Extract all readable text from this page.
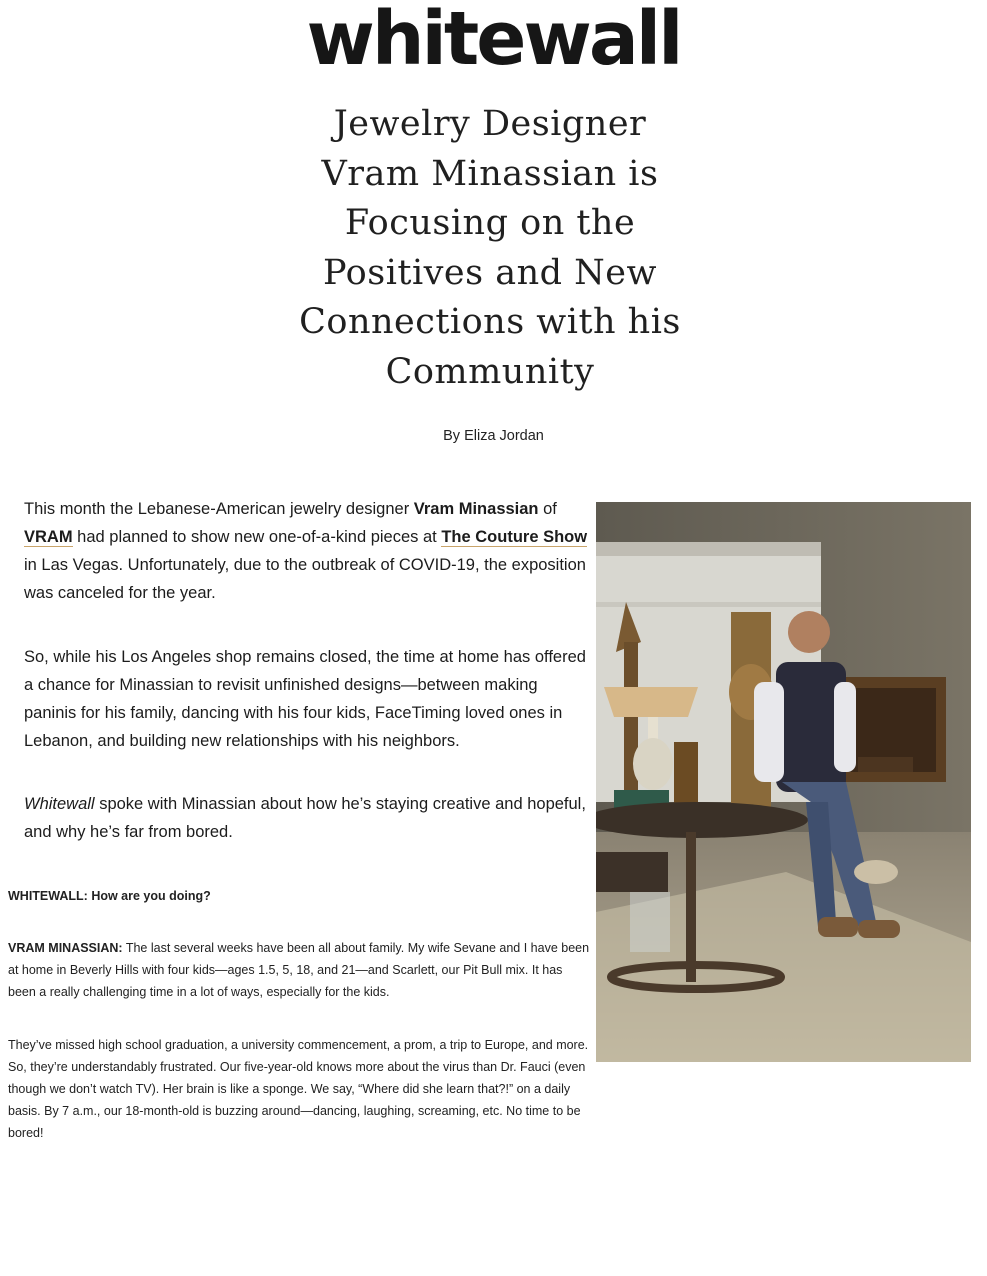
whitewall
Jewelry Designer Vram Minassian is Focusing on the Positives and New Connections with his Community
By Eliza Jordan

This month the Lebanese-American jewelry designer Vram Minassian of VRAM had planned to show new one-of-a-kind pieces at The Couture Show in Las Vegas. Unfortunately, due to the outbreak of COVID-19, the exposition was canceled for the year.

So, while his Los Angeles shop remains closed, the time at home has offered a chance for Minassian to revisit unfinished designs—between making paninis for his family, dancing with his four kids, FaceTiming loved ones in Lebanon, and building new relationships with his neighbors.

Whitewall spoke with Minassian about how he’s staying creative and hopeful, and why he’s far from bored.

WHITEWALL: How are you doing?

VRAM MINASSIAN: The last several weeks have been all about family. My wife Sevane and I have been at home in Beverly Hills with four kids—ages 1.5, 5, 18, and 21—and Scarlett, our Pit Bull mix. It has been a really challenging time in a lot of ways, especially for the kids.

They’ve missed high school graduation, a university commencement, a prom, a trip to Europe, and more. So, they’re understandably frustrated. Our five-year-old knows more about the virus than Dr. Fauci (even though we don’t watch TV). Her brain is like a sponge. We say, “Where did she learn that?!” on a daily basis. By 7 a.m., our 18-month-old is buzzing around—dancing, laughing, screaming, etc. No time to be bored!
